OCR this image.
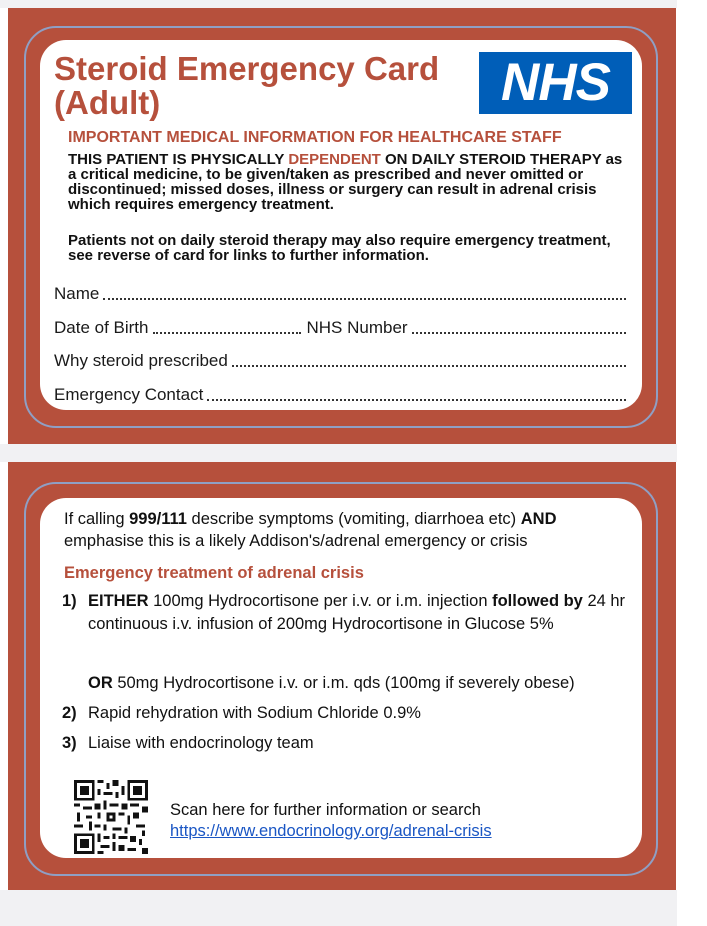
Steroid Emergency Card
(Adult)	NHS
IMPORTANT MEDICAL INFORMATION FOR HEALTHCARE STAFF

THIS PATIENT IS PHYSICALLY DEPENDENT ON DAILY STEROID THERAPY as a critical medicine, to be given/taken as prescribed and never omitted or discontinued; missed doses, illness or surgery can result in adrenal crisis which requires emergency treatment.

Patients not on daily steroid therapy may also require emergency treatment, see reverse of card for links to further information.

Name
Date of Birth	NHS Number
Why steroid prescribed
Emergency Contact

If calling 999/111 describe symptoms (vomiting, diarrhoea etc) AND emphasise this is a likely Addison's/adrenal emergency or crisis

Emergency treatment of adrenal crisis
1) EITHER 100mg Hydrocortisone per i.v. or i.m. injection followed by 24 hr continuous i.v. infusion of 200mg Hydrocortisone in Glucose 5%
OR 50mg Hydrocortisone i.v. or i.m. qds (100mg if severely obese)
2) Rapid rehydration with Sodium Chloride 0.9%
3) Liaise with endocrinology team
Scan here for further information or search
https://www.endocrinology.org/adrenal-crisis
